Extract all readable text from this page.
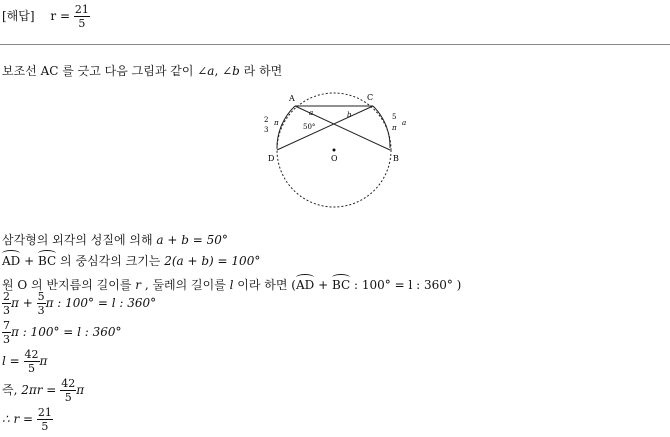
[해답] $r = \frac{21}{5}$
보조선 AC 를 긋고 다음 그림과 같이 ∠a, ∠b 라 하면
A	C
D	B
O
2 π
3
5
π
a
a	b
50°
삼각형의 외각의 성질에 의해 a + b = 50°
AD + BC 의 중심각의 크기는 2(a + b) = 100°
원 O 의 반지름의 길이를 r , 둘레의 길이를 l 이라 하면 (AD + BC : 100° = l : 360° )
$\frac{2}{3}$ $\pi + \frac{5}{3}$ π : 100° = l : 360°
$\frac{7}{3}$ π : 100° = l : 360°
$l = \frac{42}{5}$ π
즉, $2\pi r = \frac{42}{5}$ π
∴ $r = \frac{21}{5}$
